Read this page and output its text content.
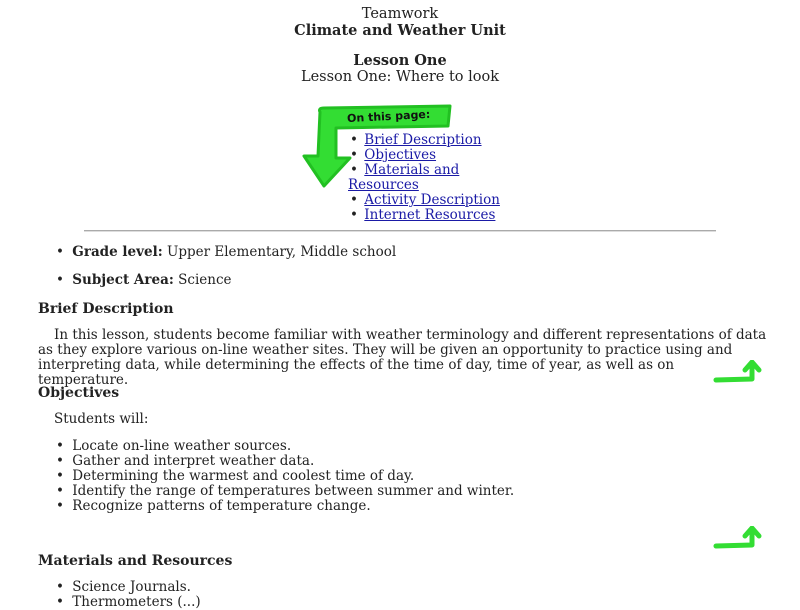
Teamwork
Climate and Weather Unit
Lesson One
Lesson One: Where to look
On this page:
• Brief Description
• Objectives
• Materials and Resources
• Activity Description
• Internet Resources
• Grade level: Upper Elementary, Middle school
• Subject Area: Science
Brief Description

In this lesson, students become familiar with weather terminology and different representations of data as they explore various on-line weather sites. They will be given an opportunity to practice using and interpreting data, while determining the effects of the time of day, time of year, as well as on temperature.

Objectives

Students will:

• Locate on-line weather sources.
• Gather and interpret weather data.
• Determining the warmest and coolest time of day.
• Identify the range of temperatures between summer and winter.
• Recognize patterns of temperature change.
Materials and Resources
• Science Journals.
• Thermometers (...)
